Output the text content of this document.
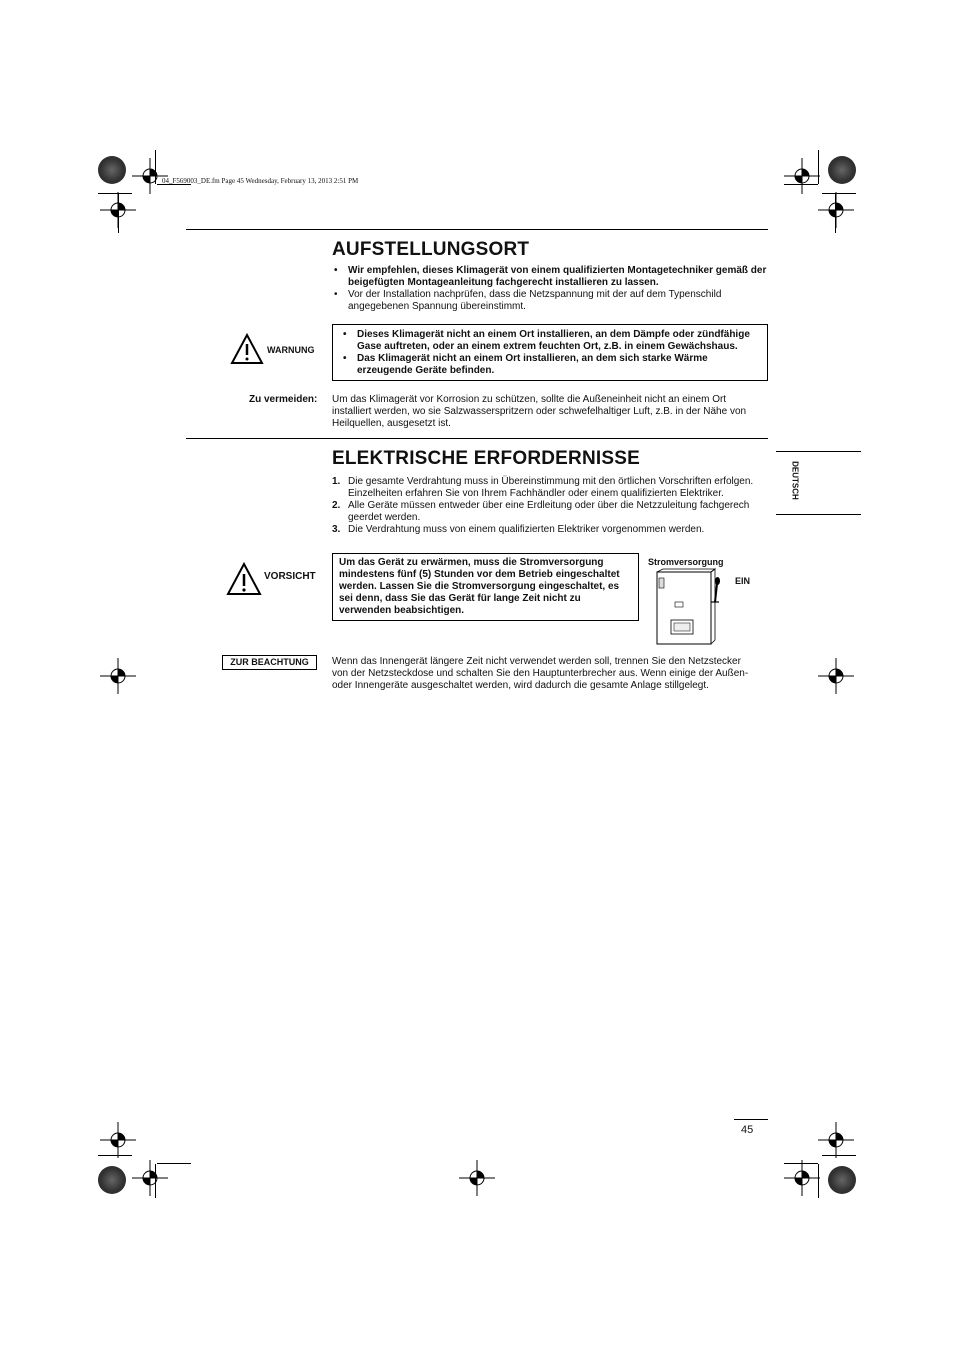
04_F569003_DE.fm Page 45 Wednesday, February 13, 2013 2:51 PM
AUFSTELLUNGSORT
• Wir empfehlen, dieses Klimagerät von einem qualifizierten Montagetechniker gemäß der beigefügten Montageanleitung fachgerecht installieren zu lassen.
• Vor der Installation nachprüfen, dass die Netzspannung mit der auf dem Typenschild angegebenen Spannung übereinstimmt.
WARNUNG
• Dieses Klimagerät nicht an einem Ort installieren, an dem Dämpfe oder zündfähige Gase auftreten, oder an einem extrem feuchten Ort, z.B. in einem Gewächshaus.
• Das Klimagerät nicht an einem Ort installieren, an dem sich starke Wärme erzeugende Geräte befinden.
Zu vermeiden: Um das Klimagerät vor Korrosion zu schützen, sollte die Außeneinheit nicht an einem Ort installiert werden, wo sie Salzwasserspritzern oder schwefelhaltiger Luft, z.B. in der Nähe von Heilquellen, ausgesetzt ist.
ELEKTRISCHE ERFORDERNISSE
1. Die gesamte Verdrahtung muss in Übereinstimmung mit den örtlichen Vorschriften erfolgen. Einzelheiten erfahren Sie von Ihrem Fachhändler oder einem qualifizierten Elektriker.
2. Alle Geräte müssen entweder über eine Erdleitung oder über die Netzzuleitung fachgerech geerdet werden.
3. Die Verdrahtung muss von einem qualifizierten Elektriker vorgenommen werden.
VORSICHT
Um das Gerät zu erwärmen, muss die Stromversorgung mindestens fünf (5) Stunden vor dem Betrieb eingeschaltet werden. Lassen Sie die Stromversorgung eingeschaltet, es sei denn, dass Sie das Gerät für lange Zeit nicht zu verwenden beabsichtigen.
Stromversorgung
EIN
ZUR BEACHTUNG	Wenn das Innengerät längere Zeit nicht verwendet werden soll, trennen Sie den Netzstecker von der Netzsteckdose und schalten Sie den Hauptunterbrecher aus. Wenn einige der Außen- oder Innengeräte ausgeschaltet werden, wird dadurch die gesamte Anlage stillgelegt.
DEUTSCH
45
